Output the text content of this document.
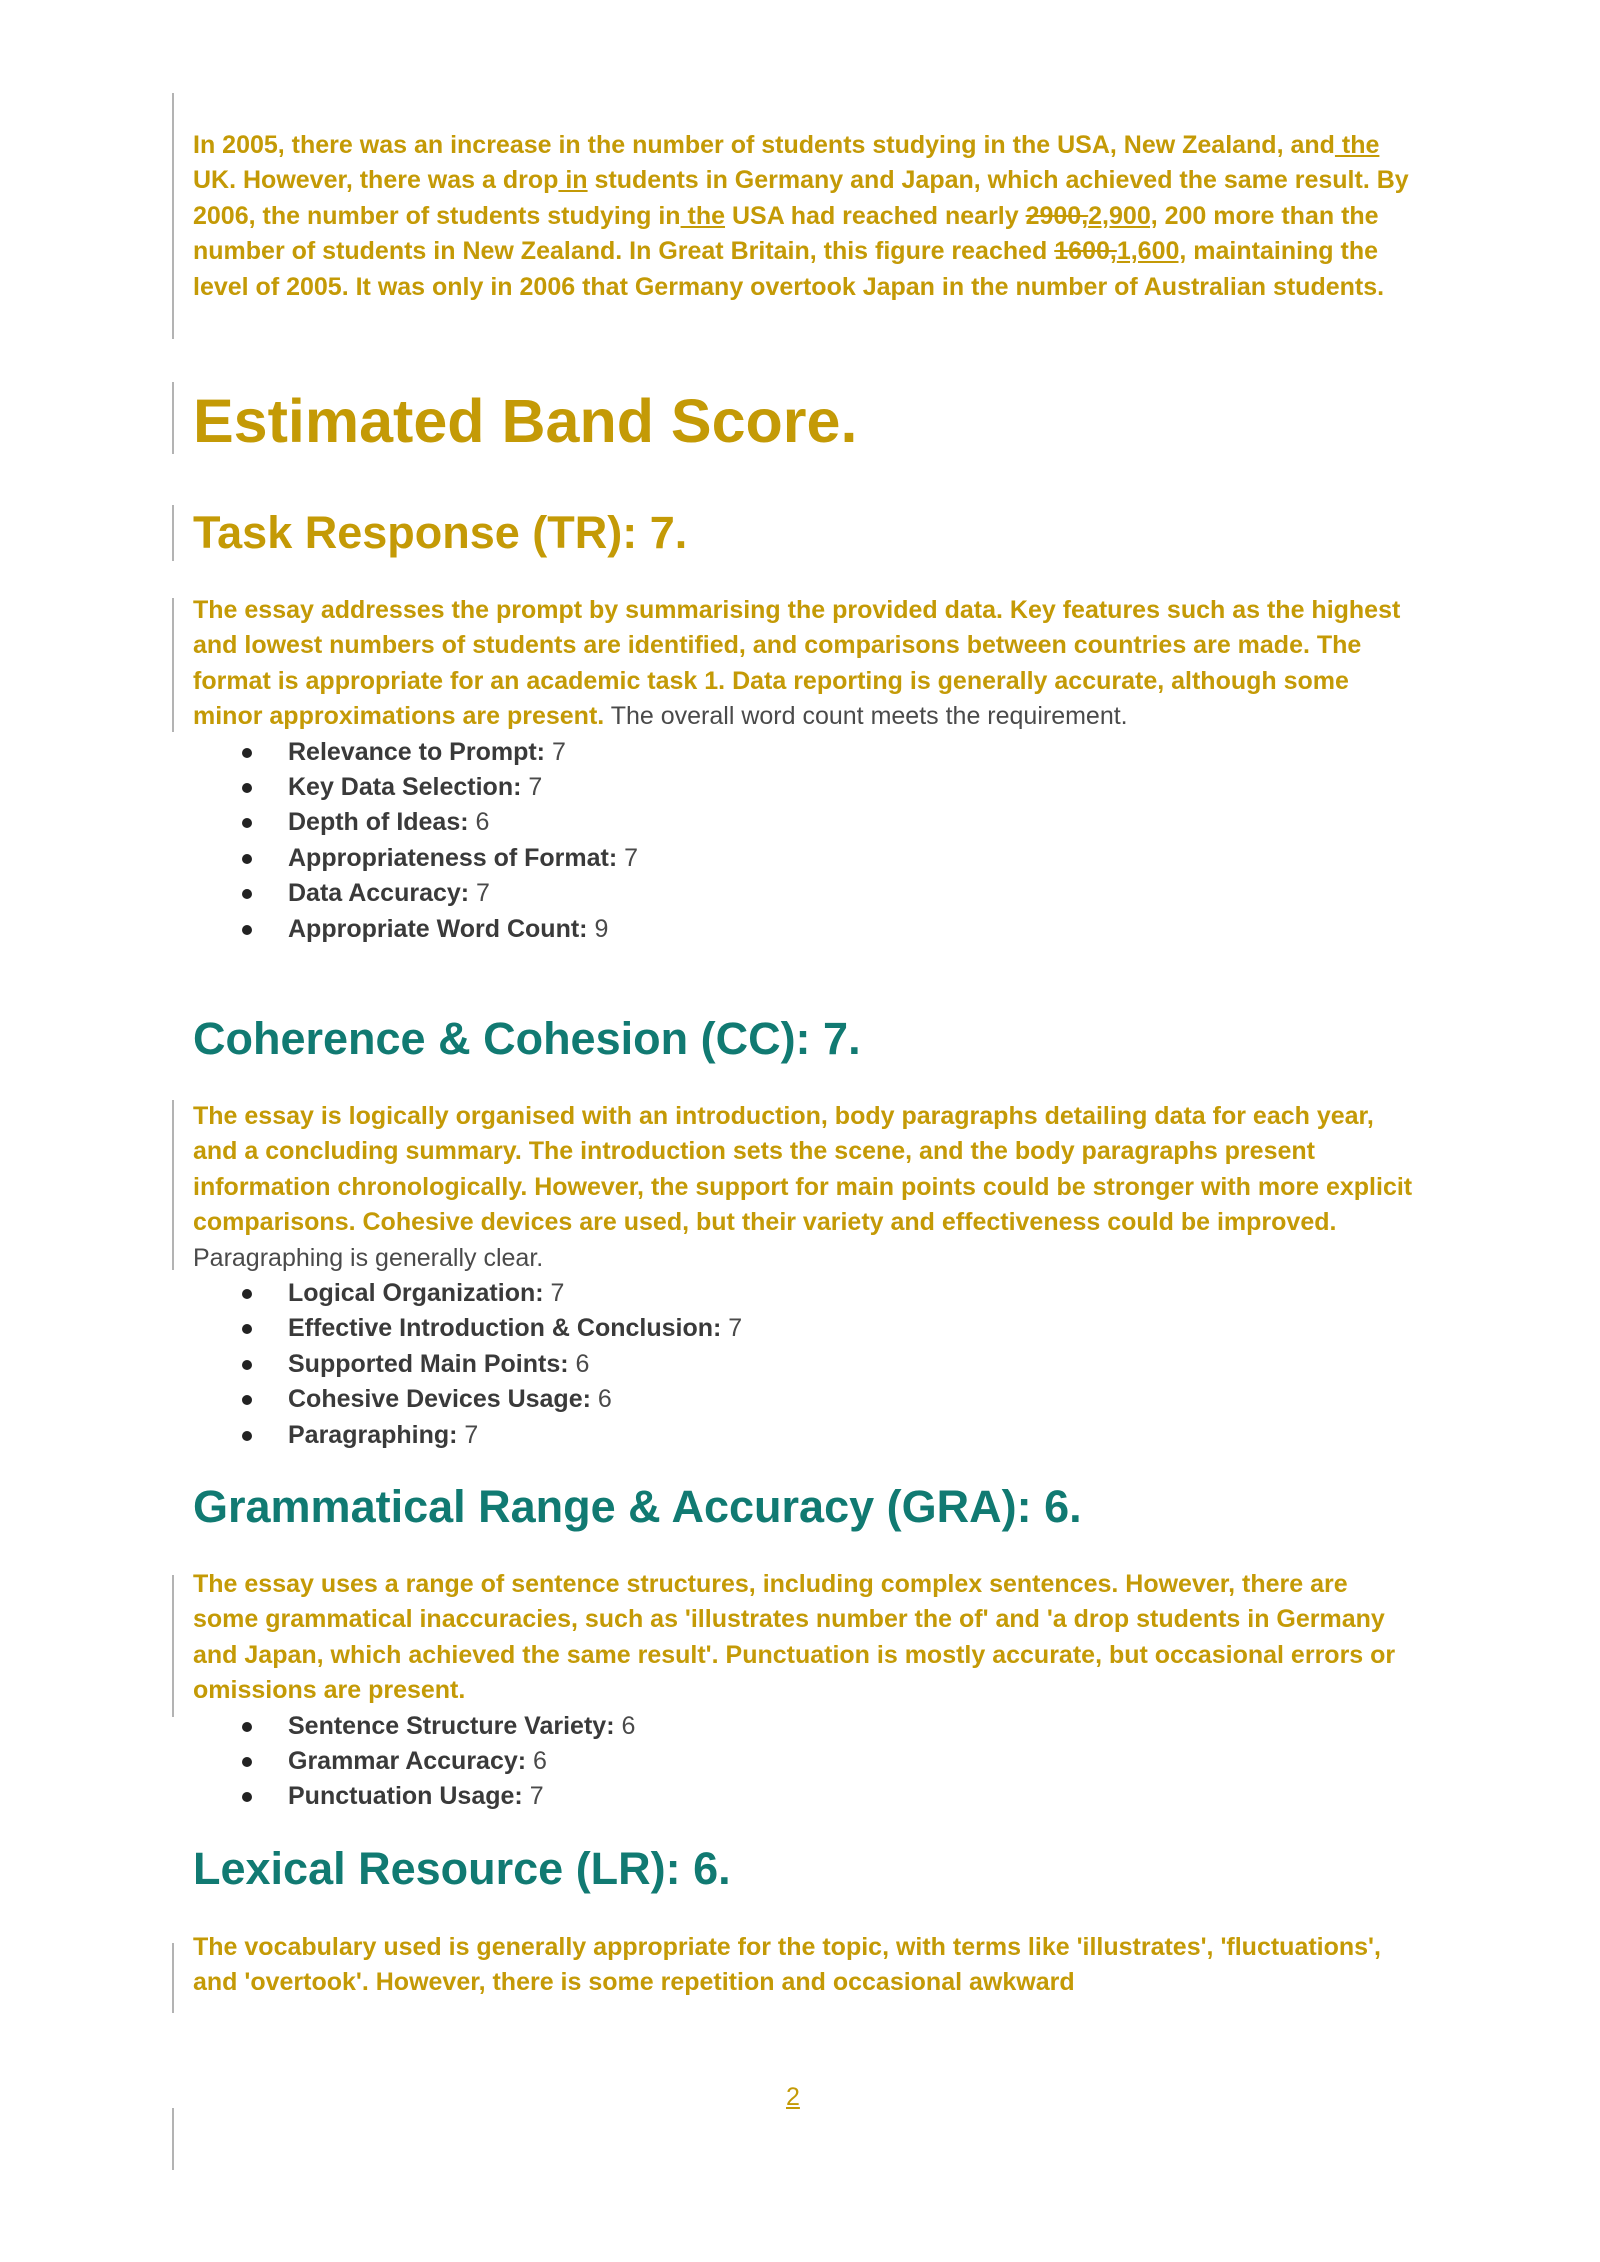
In 2005, there was an increase in the number of students studying in the USA, New Zealand, and the UK. However, there was a drop in students in Germany and Japan, which achieved the same result. By 2006, the number of students studying in the USA had reached nearly 2900,2,900, 200 more than the number of students in New Zealand. In Great Britain, this figure reached 1600,1,600, maintaining the level of 2005. It was only in 2006 that Germany overtook Japan in the number of Australian students.

Estimated Band Score.
Task Response (TR): 7.

The essay addresses the prompt by summarising the provided data. Key features such as the highest and lowest numbers of students are identified, and comparisons between countries are made. The format is appropriate for an academic task 1. Data reporting is generally accurate, although some minor approximations are present. The overall word count meets the requirement.

Relevance to Prompt: 7
Key Data Selection: 7
Depth of Ideas: 6
Appropriateness of Format: 7
Data Accuracy: 7
Appropriate Word Count: 9
Coherence & Cohesion (CC): 7.

The essay is logically organised with an introduction, body paragraphs detailing data for each year, and a concluding summary. The introduction sets the scene, and the body paragraphs present information chronologically. However, the support for main points could be stronger with more explicit comparisons. Cohesive devices are used, but their variety and effectiveness could be improved. Paragraphing is generally clear.

Logical Organization: 7
Effective Introduction & Conclusion: 7
Supported Main Points: 6
Cohesive Devices Usage: 6
Paragraphing: 7
Grammatical Range & Accuracy (GRA): 6.

The essay uses a range of sentence structures, including complex sentences. However, there are some grammatical inaccuracies, such as 'illustrates number the of' and 'a drop students in Germany and Japan, which achieved the same result'. Punctuation is mostly accurate, but occasional errors or omissions are present.

Sentence Structure Variety: 6
Grammar Accuracy: 6
Punctuation Usage: 7
Lexical Resource (LR): 6.

The vocabulary used is generally appropriate for the topic, with terms like 'illustrates', 'fluctuations', and 'overtook'. However, there is some repetition and occasional awkward

2
